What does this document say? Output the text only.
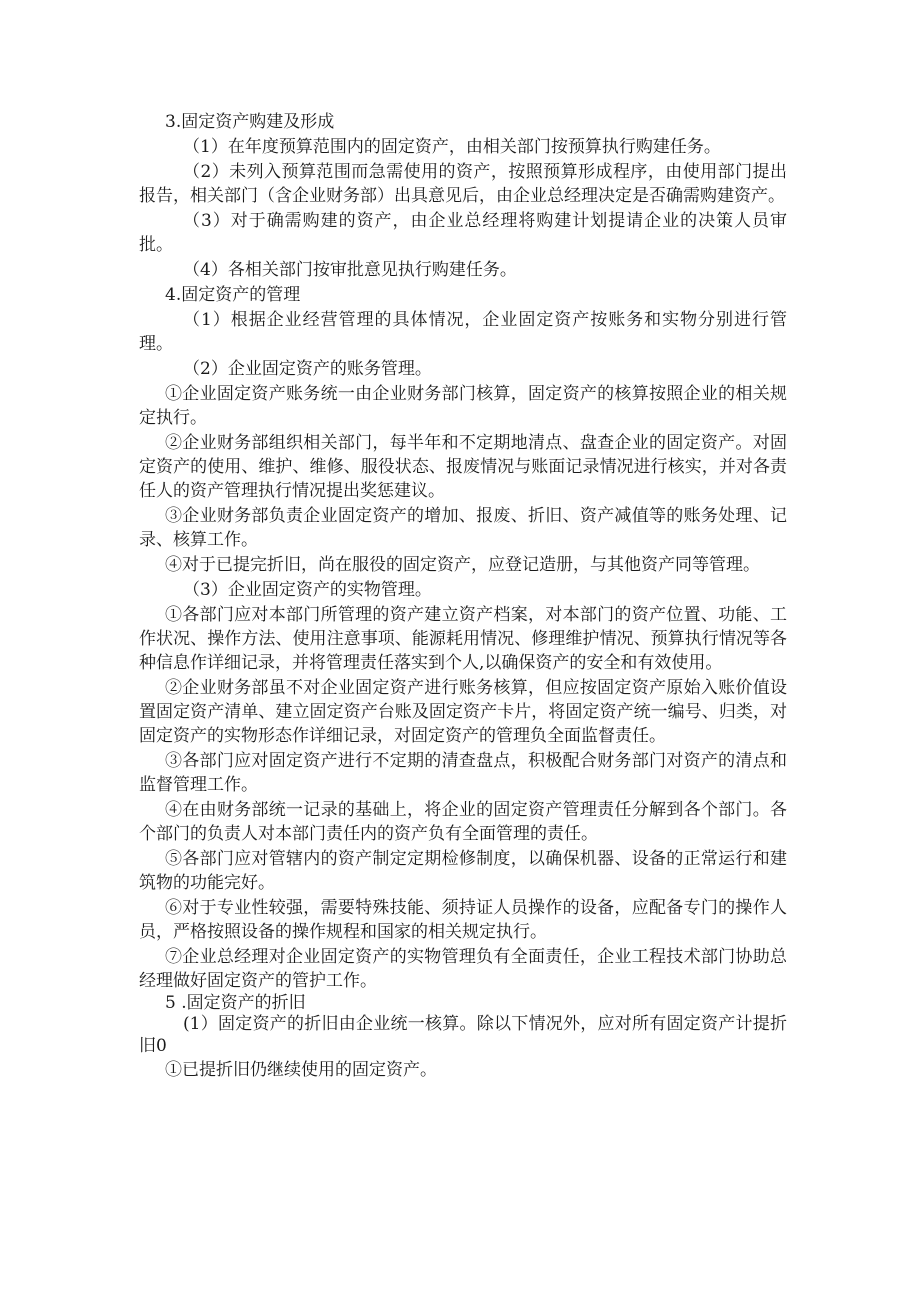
3.固定资产购建及形成

（1）在年度预算范围内的固定资产，由相关部门按预算执行购建任务。

（2）未列入预算范围而急需使用的资产，按照预算形成程序，由使用部门提出报告，相关部门（含企业财务部）出具意见后，由企业总经理决定是否确需购建资产。

（3）对于确需购建的资产，由企业总经理将购建计划提请企业的决策人员审批。

（4）各相关部门按审批意见执行购建任务。

4.固定资产的管理

（1）根据企业经营管理的具体情况，企业固定资产按账务和实物分别进行管理。

（2）企业固定资产的账务管理。

①企业固定资产账务统一由企业财务部门核算，固定资产的核算按照企业的相关规定执行。

②企业财务部组织相关部门，每半年和不定期地清点、盘查企业的固定资产。对固定资产的使用、维护、维修、服役状态、报废情况与账面记录情况进行核实，并对各责任人的资产管理执行情况提出奖惩建议。

③企业财务部负责企业固定资产的增加、报废、折旧、资产减值等的账务处理、记录、核算工作。

④对于已提完折旧，尚在服役的固定资产，应登记造册，与其他资产同等管理。

（3）企业固定资产的实物管理。

①各部门应对本部门所管理的资产建立资产档案，对本部门的资产位置、功能、工作状况、操作方法、使用注意事项、能源耗用情况、修理维护情况、预算执行情况等各种信息作详细记录，并将管理责任落实到个人,以确保资产的安全和有效使用。

②企业财务部虽不对企业固定资产进行账务核算，但应按固定资产原始入账价值设置固定资产清单、建立固定资产台账及固定资产卡片，将固定资产统一编号、归类，对固定资产的实物形态作详细记录，对固定资产的管理负全面监督责任。

③各部门应对固定资产进行不定期的清查盘点，积极配合财务部门对资产的清点和监督管理工作。

④在由财务部统一记录的基础上，将企业的固定资产管理责任分解到各个部门。各个部门的负责人对本部门责任内的资产负有全面管理的责任。

⑤各部门应对管辖内的资产制定定期检修制度，以确保机器、设备的正常运行和建筑物的功能完好。

⑥对于专业性较强，需要特殊技能、须持证人员操作的设备，应配备专门的操作人员，严格按照设备的操作规程和国家的相关规定执行。

⑦企业总经理对企业固定资产的实物管理负有全面责任，企业工程技术部门协助总经理做好固定资产的管护工作。

5 .固定资产的折旧

(1）固定资产的折旧由企业统一核算。除以下情况外，应对所有固定资产计提折旧0

①已提折旧仍继续使用的固定资产。
